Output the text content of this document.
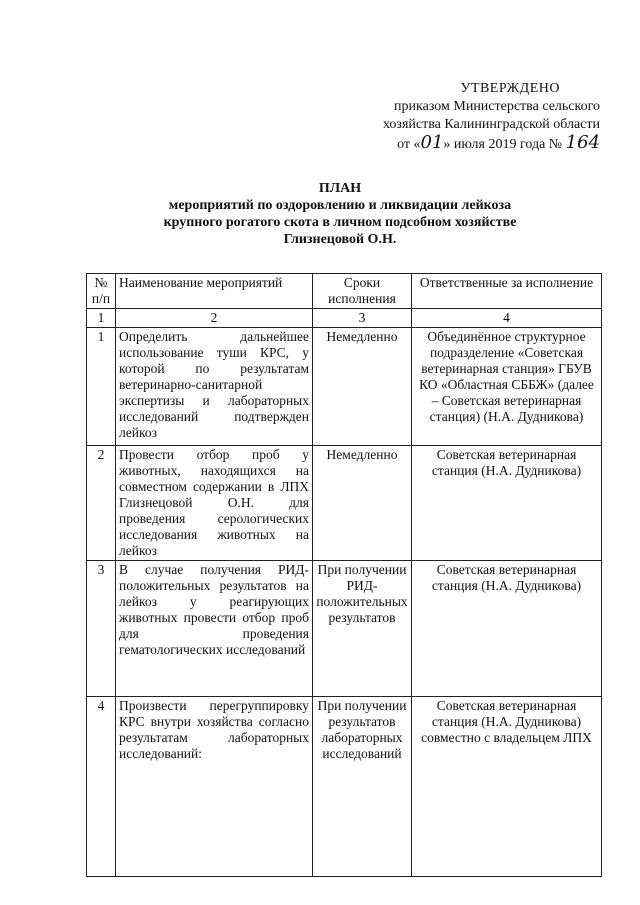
УТВЕРЖДЕНО
приказом Министерства сельского
хозяйства Калининградской области
от «01» июля 2019 года № 164
ПЛАН
мероприятий по оздоровлению и ликвидации лейкоза
крупного рогатого скота в личном подсобном хозяйстве
Глизнецовой О.Н.
№ п/п	Наименование мероприятий	Сроки исполнения	Ответственные за исполнение
1	2	3	4
1	Определить дальнейшее использование туши КРС, у которой по результатам ветеринарно-санитарной экспертизы и лабораторных исследований подтвержден лейкоз	Немедленно	Объединённое структурное подразделение «Советская ветеринарная станция» ГБУВ КО «Областная СББЖ» (далее – Советская ветеринарная станция) (Н.А. Дудникова)
2	Провести отбор проб у животных, находящихся на совместном содержании в ЛПХ Глизнецовой О.Н. для проведения серологических исследования животных на лейкоз	Немедленно	Советская ветеринарная станция (Н.А. Дудникова)
3	В случае получения РИД-положительных результатов на лейкоз у реагирующих животных провести отбор проб для проведения гематологических исследований	При получении РИД-положительных результатов	Советская ветеринарная станция (Н.А. Дудникова)
4	Произвести перегруппировку КРС внутри хозяйства согласно результатам лабораторных исследований:	При получении результатов лабораторных исследований	Советская ветеринарная станция (Н.А. Дудникова) совместно с владельцем ЛПХ
